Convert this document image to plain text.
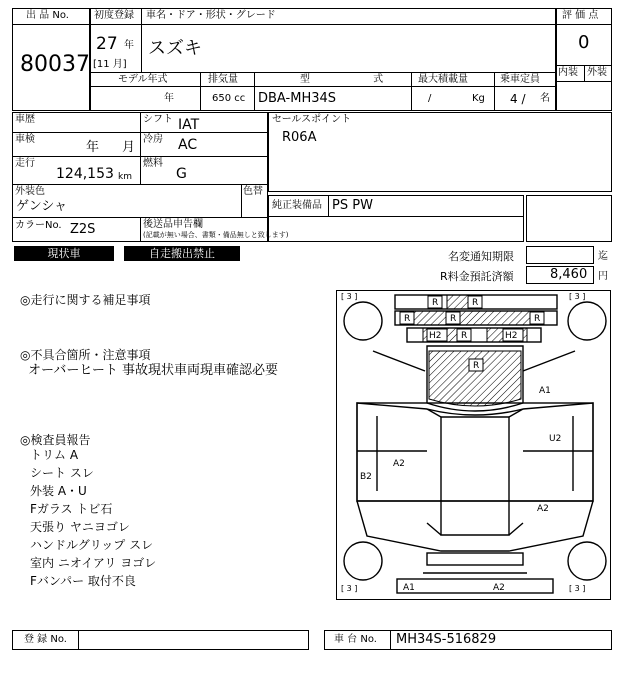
出 品 No.
80037
初度登録 車名・ドア・形状・グレード
27 年
[11 月]
スズキ
モデル年式	排気量	型 式	最大積載量	乗車定員
年	650 cc DBA-MH34S	/	Kg 4 / 名
評 価 点
0
内装 外装
車歴	シフト IAT
車検
年 月
冷房 AC
走行
124,153 km
燃料
G
外装色
ゲンシャ
色替
カラーNo. Z2S	後送品申告欄
(記載が無い場合、書類・備品無しと致します)
セールスポイント
R06A
純正装備品 PS PW
現状車	自走搬出禁止	名変通知期限	迄
R料金預託済額	8,460 円
◎走行に関する補足事項
◎不具合箇所・注意事項
オーバーヒート 事故現状車両現車確認必要
◎検査員報告
トリム A
シート スレ
外装 A・U
Fガラス トビ石
天張り ヤニヨゴレ
ハンドルグリップ スレ
室内 ニオイアリ ヨゴレ
Fバンパー 取付不良
[ 3 ]	[ 3 ]
[ 3 ]	[ 3 ]
R	R
R	R	R
H2 R	H2
R
A1
U2
A2
B2
A2
A1	A2
登 録 No.	車 台 No. MH34S-516829
